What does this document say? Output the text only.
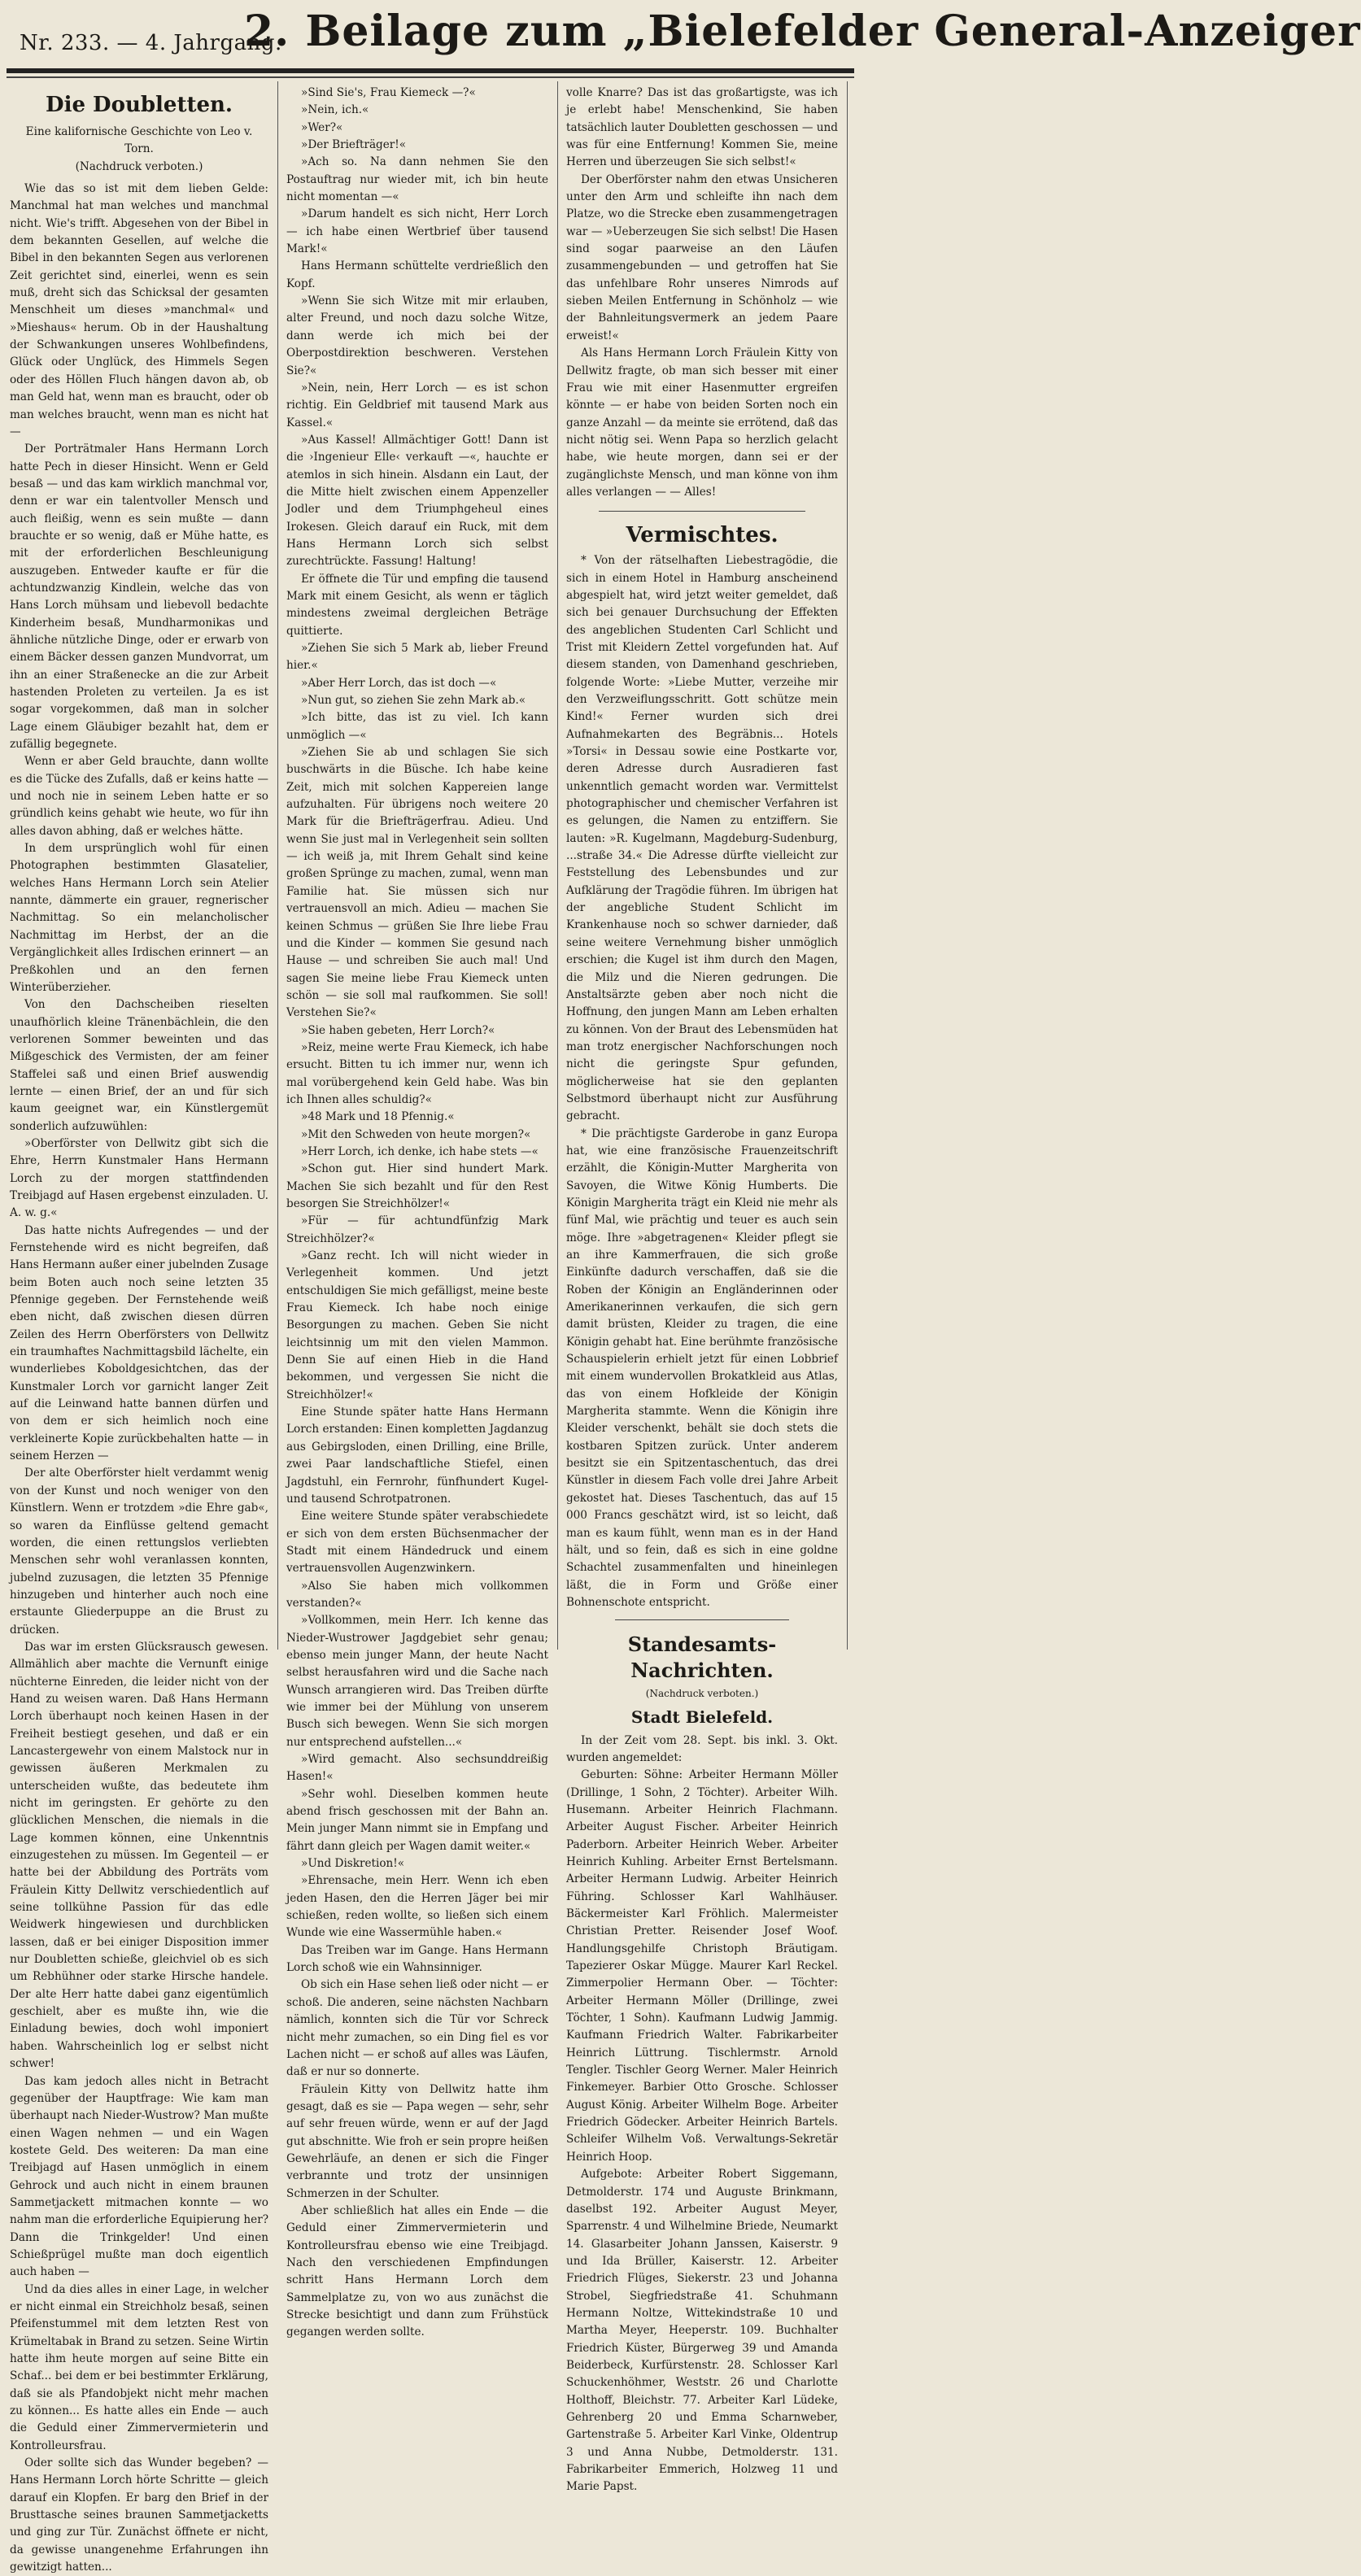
Nr. 233. — 4. Jahrgang.
2. Beilage zum „Bielefelder General-Anzeiger
Die Doubletten.
Eine kalifornische Geschichte von Leo v. Torn.
(Nachdruck verboten.)

Wie das so ist mit dem lieben Gelde: Manchmal hat man welches und manchmal nicht. Wie's trifft. Abgesehen von der Bibel in dem bekannten Gesellen, auf welche die Bibel in den bekannten Segen aus verlorenen Zeit gerichtet sind, einerlei, wenn es sein muß, dreht sich das Schicksal der gesamten Menschheit um dieses »manchmal« und »Mieshaus« herum. Ob in der Haushaltung der Schwankungen unseres Wohlbefindens, Glück oder Unglück, des Himmels Segen oder des Höllen Fluch hängen davon ab, ob man Geld hat, wenn man es braucht, oder ob man welches braucht, wenn man es nicht hat —

Der Porträtmaler Hans Hermann Lorch hatte Pech in dieser Hinsicht. Wenn er Geld besaß — und das kam wirklich manchmal vor, denn er war ein talentvoller Mensch und auch fleißig, wenn es sein mußte — dann brauchte er so wenig, daß er Mühe hatte, es mit der erforderlichen Beschleunigung auszugeben. Entweder kaufte er für die achtundzwanzig Kindlein, welche das von Hans Lorch mühsam und liebevoll bedachte Kinderheim besaß, Mundharmonikas und ähnliche nützliche Dinge, oder er erwarb von einem Bäcker dessen ganzen Mundvorrat, um ihn an einer Straßenecke an die zur Arbeit hastenden Proleten zu verteilen. Ja es ist sogar vorgekommen, daß man in solcher Lage einem Gläubiger bezahlt hat, dem er zufällig begegnete.

Wenn er aber Geld brauchte, dann wollte es die Tücke des Zufalls, daß er keins hatte — und noch nie in seinem Leben hatte er so gründlich keins gehabt wie heute, wo für ihn alles davon abhing, daß er welches hätte.

In dem ursprünglich wohl für einen Photographen bestimmten Glasatelier, welches Hans Hermann Lorch sein Atelier nannte, dämmerte ein grauer, regnerischer Nachmittag. So ein melancholischer Nachmittag im Herbst, der an die Vergänglichkeit alles Irdischen erinnert — an Preßkohlen und an den fernen Winterüberzieher.

Von den Dachscheiben rieselten unaufhörlich kleine Tränenbächlein, die den verlorenen Sommer beweinten und das Mißgeschick des Vermisten, der am feiner Staffelei saß und einen Brief auswendig lernte — einen Brief, der an und für sich kaum geeignet war, ein Künstlergemüt sonderlich aufzuwühlen:

»Oberförster von Dellwitz gibt sich die Ehre, Herrn Kunstmaler Hans Hermann Lorch zu der morgen stattfindenden Treibjagd auf Hasen ergebenst einzuladen. U. A. w. g.«

Das hatte nichts Aufregendes — und der Fernstehende wird es nicht begreifen, daß Hans Hermann außer einer jubelnden Zusage beim Boten auch noch seine letzten 35 Pfennige gegeben. Der Fernstehende weiß eben nicht, daß zwischen diesen dürren Zeilen des Herrn Oberförsters von Dellwitz ein traumhaftes Nachmittagsbild lächelte, ein wunderliebes Koboldgesichtchen, das der Kunstmaler Lorch vor garnicht langer Zeit auf die Leinwand hatte bannen dürfen und von dem er sich heimlich noch eine verkleinerte Kopie zurückbehalten hatte — in seinem Herzen —

Der alte Oberförster hielt verdammt wenig von der Kunst und noch weniger von den Künstlern. Wenn er trotzdem »die Ehre gab«, so waren da Einflüsse geltend gemacht worden, die einen rettungslos verliebten Menschen sehr wohl veranlassen konnten, jubelnd zuzusagen, die letzten 35 Pfennige hinzugeben und hinterher auch noch eine erstaunte Gliederpuppe an die Brust zu drücken.

Das war im ersten Glücksrausch gewesen. Allmählich aber machte die Vernunft einige nüchterne Einreden, die leider nicht von der Hand zu weisen waren. Daß Hans Hermann Lorch überhaupt noch keinen Hasen in der Freiheit bestiegt gesehen, und daß er ein Lancastergewehr von einem Malstock nur in gewissen äußeren Merkmalen zu unterscheiden wußte, das bedeutete ihm nicht im geringsten. Er gehörte zu den glücklichen Menschen, die niemals in die Lage kommen können, eine Unkenntnis einzugestehen zu müssen. Im Gegenteil — er hatte bei der Abbildung des Porträts vom Fräulein Kitty Dellwitz verschiedentlich auf seine tollkühne Passion für das edle Weidwerk hingewiesen und durchblicken lassen, daß er bei einiger Disposition immer nur Doubletten schieße, gleichviel ob es sich um Rebhühner oder starke Hirsche handele. Der alte Herr hatte dabei ganz eigentümlich geschielt, aber es mußte ihn, wie die Einladung bewies, doch wohl imponiert haben. Wahrscheinlich log er selbst nicht schwer!

Das kam jedoch alles nicht in Betracht gegenüber der Hauptfrage: Wie kam man überhaupt nach Nieder-Wustrow? Man mußte einen Wagen nehmen — und ein Wagen kostete Geld. Des weiteren: Da man eine Treibjagd auf Hasen unmöglich in einem Gehrock und auch nicht in einem braunen Sammetjackett mitmachen konnte — wo nahm man die erforderliche Equipierung her? Dann die Trinkgelder! Und einen Schießprügel mußte man doch eigentlich auch haben —

Und da dies alles in einer Lage, in welcher er nicht einmal ein Streichholz besaß, seinen Pfeifenstummel mit dem letzten Rest von Krümeltabak in Brand zu setzen. Seine Wirtin hatte ihm heute morgen auf seine Bitte ein Schaf... bei dem er bei bestimmter Erklärung, daß sie als Pfandobjekt nicht mehr machen zu können... Es hatte alles ein Ende — auch die Geduld einer Zimmervermieterin und Kontrolleursfrau.

Oder sollte sich das Wunder begeben? — Hans Hermann Lorch hörte Schritte — gleich darauf ein Klopfen. Er barg den Brief in der Brusttasche seines braunen Sammetjacketts und ging zur Tür. Zunächst öffnete er nicht, da gewisse unangenehme Erfahrungen ihn gewitzigt hatten...

»Sind Sie's, Frau Kiemeck —?«

»Nein, ich.«

»Wer?«

»Der Briefträger!«

»Ach so. Na dann nehmen Sie den Postauftrag nur wieder mit, ich bin heute nicht momentan —«

»Darum handelt es sich nicht, Herr Lorch — ich habe einen Wertbrief über tausend Mark!«

Hans Hermann schüttelte verdrießlich den Kopf.

»Wenn Sie sich Witze mit mir erlauben, alter Freund, und noch dazu solche Witze, dann werde ich mich bei der Oberpostdirektion beschweren. Verstehen Sie?«

»Nein, nein, Herr Lorch — es ist schon richtig. Ein Geldbrief mit tausend Mark aus Kassel.«

»Aus Kassel! Allmächtiger Gott! Dann ist die ›Ingenieur Elle‹ verkauft —«, hauchte er atemlos in sich hinein. Alsdann ein Laut, der die Mitte hielt zwischen einem Appenzeller Jodler und dem Triumphgeheul eines Irokesen. Gleich darauf ein Ruck, mit dem Hans Hermann Lorch sich selbst zurechtrückte. Fassung! Haltung!

Er öffnete die Tür und empfing die tausend Mark mit einem Gesicht, als wenn er täglich mindestens zweimal dergleichen Beträge quittierte.

»Ziehen Sie sich 5 Mark ab, lieber Freund hier.«

»Aber Herr Lorch, das ist doch —«

»Nun gut, so ziehen Sie zehn Mark ab.«

»Ich bitte, das ist zu viel. Ich kann unmöglich —«

»Ziehen Sie ab und schlagen Sie sich buschwärts in die Büsche. Ich habe keine Zeit, mich mit solchen Kappereien lange aufzuhalten. Für übrigens noch weitere 20 Mark für die Briefträgerfrau. Adieu. Und wenn Sie just mal in Verlegenheit sein sollten — ich weiß ja, mit Ihrem Gehalt sind keine großen Sprünge zu machen, zumal, wenn man Familie hat. Sie müssen sich nur vertrauensvoll an mich. Adieu — machen Sie keinen Schmus — grüßen Sie Ihre liebe Frau und die Kinder — kommen Sie gesund nach Hause — und schreiben Sie auch mal! Und sagen Sie meine liebe Frau Kiemeck unten schön — sie soll mal raufkommen. Sie soll! Verstehen Sie?«

»Sie haben gebeten, Herr Lorch?«

»Reiz, meine werte Frau Kiemeck, ich habe ersucht. Bitten tu ich immer nur, wenn ich mal vorübergehend kein Geld habe. Was bin ich Ihnen alles schuldig?«

»48 Mark und 18 Pfennig.«

»Mit den Schweden von heute morgen?«

»Herr Lorch, ich denke, ich habe stets —«

»Schon gut. Hier sind hundert Mark. Machen Sie sich bezahlt und für den Rest besorgen Sie Streichhölzer!«

»Für — für achtundfünfzig Mark Streichhölzer?«

»Ganz recht. Ich will nicht wieder in Verlegenheit kommen. Und jetzt entschuldigen Sie mich gefälligst, meine beste Frau Kiemeck. Ich habe noch einige Besorgungen zu machen. Geben Sie nicht leichtsinnig um mit den vielen Mammon. Denn Sie auf einen Hieb in die Hand bekommen, und vergessen Sie nicht die Streichhölzer!«

Eine Stunde später hatte Hans Hermann Lorch erstanden: Einen kompletten Jagdanzug aus Gebirgsloden, einen Drilling, eine Brille, zwei Paar landschaftliche Stiefel, einen Jagdstuhl, ein Fernrohr, fünfhundert Kugel- und tausend Schrotpatronen.

Eine weitere Stunde später verabschiedete er sich von dem ersten Büchsenmacher der Stadt mit einem Händedruck und einem vertrauensvollen Augenzwinkern.

»Also Sie haben mich vollkommen verstanden?«

»Vollkommen, mein Herr. Ich kenne das Nieder-Wustrower Jagdgebiet sehr genau; ebenso mein junger Mann, der heute Nacht selbst herausfahren wird und die Sache nach Wunsch arrangieren wird. Das Treiben dürfte wie immer bei der Mühlung von unserem Busch sich bewegen. Wenn Sie sich morgen nur entsprechend aufstellen...«

»Wird gemacht. Also sechsunddreißig Hasen!«

»Sehr wohl. Dieselben kommen heute abend frisch geschossen mit der Bahn an. Mein junger Mann nimmt sie in Empfang und fährt dann gleich per Wagen damit weiter.«

»Und Diskretion!«

»Ehrensache, mein Herr. Wenn ich eben jeden Hasen, den die Herren Jäger bei mir schießen, reden wollte, so ließen sich einem Wunde wie eine Wassermühle haben.«

Das Treiben war im Gange. Hans Hermann Lorch schoß wie ein Wahnsinniger.

Ob sich ein Hase sehen ließ oder nicht — er schoß. Die anderen, seine nächsten Nachbarn nämlich, konnten sich die Tür vor Schreck nicht mehr zumachen, so ein Ding fiel es vor Lachen nicht — er schoß auf alles was Läufen, daß er nur so donnerte.

Fräulein Kitty von Dellwitz hatte ihm gesagt, daß es sie — Papa wegen — sehr, sehr auf sehr freuen würde, wenn er auf der Jagd gut abschnitte. Wie froh er sein propre heißen Gewehrläufe, an denen er sich die Finger verbrannte und trotz der unsinnigen Schmerzen in der Schulter.

Aber schließlich hat alles ein Ende — die Geduld einer Zimmervermieterin und Kontrolleursfrau ebenso wie eine Treibjagd. Nach den verschiedenen Empfindungen schritt Hans Hermann Lorch dem Sammelplatze zu, von wo aus zunächst die Strecke besichtigt und dann zum Frühstück gegangen werden sollte.

volle Knarre? Das ist das großartigste, was ich je erlebt habe! Menschenkind, Sie haben tatsächlich lauter Doubletten geschossen — und was für eine Entfernung! Kommen Sie, meine Herren und überzeugen Sie sich selbst!«

Der Oberförster nahm den etwas Unsicheren unter den Arm und schleifte ihn nach dem Platze, wo die Strecke eben zusammengetragen war — »Ueberzeugen Sie sich selbst! Die Hasen sind sogar paarweise an den Läufen zusammengebunden — und getroffen hat Sie das unfehlbare Rohr unseres Nimrods auf sieben Meilen Entfernung in Schönholz — wie der Bahnleitungsvermerk an jedem Paare erweist!«

Als Hans Hermann Lorch Fräulein Kitty von Dellwitz fragte, ob man sich besser mit einer Frau wie mit einer Hasenmutter ergreifen könnte — er habe von beiden Sorten noch ein ganze Anzahl — da meinte sie errötend, daß das nicht nötig sei. Wenn Papa so herzlich gelacht habe, wie heute morgen, dann sei er der zugänglichste Mensch, und man könne von ihm alles verlangen — — Alles!

Vermischtes.

* Von der rätselhaften Liebestragödie, die sich in einem Hotel in Hamburg anscheinend abgespielt hat, wird jetzt weiter gemeldet, daß sich bei genauer Durchsuchung der Effekten des angeblichen Studenten Carl Schlicht und Trist mit Kleidern Zettel vorgefunden hat. Auf diesem standen, von Damenhand geschrieben, folgende Worte: »Liebe Mutter, verzeihe mir den Verzweiflungsschritt. Gott schütze mein Kind!« Ferner wurden sich drei Aufnahmekarten des Begräbnis... Hotels »Torsi« in Dessau sowie eine Postkarte vor, deren Adresse durch Ausradieren fast unkenntlich gemacht worden war. Vermittelst photographischer und chemischer Verfahren ist es gelungen, die Namen zu entziffern. Sie lauten: »R. Kugelmann, Magdeburg-Sudenburg, ...straße 34.« Die Adresse dürfte vielleicht zur Feststellung des Lebensbundes und zur Aufklärung der Tragödie führen. Im übrigen hat der angebliche Student Schlicht im Krankenhause noch so schwer darnieder, daß seine weitere Vernehmung bisher unmöglich erschien; die Kugel ist ihm durch den Magen, die Milz und die Nieren gedrungen. Die Anstaltsärzte geben aber noch nicht die Hoffnung, den jungen Mann am Leben erhalten zu können. Von der Braut des Lebensmüden hat man trotz energischer Nachforschungen noch nicht die geringste Spur gefunden, möglicherweise hat sie den geplanten Selbstmord überhaupt nicht zur Ausführung gebracht.

* Die prächtigste Garderobe in ganz Europa hat, wie eine französische Frauenzeitschrift erzählt, die Königin-Mutter Margherita von Savoyen, die Witwe König Humberts. Die Königin Margherita trägt ein Kleid nie mehr als fünf Mal, wie prächtig und teuer es auch sein möge. Ihre »abgetragenen« Kleider pflegt sie an ihre Kammerfrauen, die sich große Einkünfte dadurch verschaffen, daß sie die Roben der Königin an Engländerinnen oder Amerikanerinnen verkaufen, die sich gern damit brüsten, Kleider zu tragen, die eine Königin gehabt hat. Eine berühmte französische Schauspielerin erhielt jetzt für einen Lobbrief mit einem wundervollen Brokatkleid aus Atlas, das von einem Hofkleide der Königin Margherita stammte. Wenn die Königin ihre Kleider verschenkt, behält sie doch stets die kostbaren Spitzen zurück. Unter anderem besitzt sie ein Spitzentaschentuch, das drei Künstler in diesem Fach volle drei Jahre Arbeit gekostet hat. Dieses Taschentuch, das auf 15 000 Francs geschätzt wird, ist so leicht, daß man es kaum fühlt, wenn man es in der Hand hält, und so fein, daß es sich in eine goldne Schachtel zusammenfalten und hineinlegen läßt, die in Form und Größe einer Bohnenschote entspricht.

Standesamts-Nachrichten.
(Nachdruck verboten.)
Stadt Bielefeld.

In der Zeit vom 28. Sept. bis inkl. 3. Okt. wurden angemeldet:

Geburten: Söhne: Arbeiter Hermann Möller (Drillinge, 1 Sohn, 2 Töchter). Arbeiter Wilh. Husemann. Arbeiter Heinrich Flachmann. Arbeiter August Fischer. Arbeiter Heinrich Paderborn. Arbeiter Heinrich Weber. Arbeiter Heinrich Kuhling. Arbeiter Ernst Bertelsmann. Arbeiter Hermann Ludwig. Arbeiter Heinrich Führing. Schlosser Karl Wahlhäuser. Bäckermeister Karl Fröhlich. Malermeister Christian Pretter. Reisender Josef Woof. Handlungsgehilfe Christoph Bräutigam. Tapezierer Oskar Mügge. Maurer Karl Reckel. Zimmerpolier Hermann Ober. — Töchter: Arbeiter Hermann Möller (Drillinge, zwei Töchter, 1 Sohn). Kaufmann Ludwig Jammig. Kaufmann Friedrich Walter. Fabrikarbeiter Heinrich Lüttrung. Tischlermstr. Arnold Tengler. Tischler Georg Werner. Maler Heinrich Finkemeyer. Barbier Otto Grosche. Schlosser August König. Arbeiter Wilhelm Boge. Arbeiter Friedrich Gödecker. Arbeiter Heinrich Bartels. Schleifer Wilhelm Voß. Verwaltungs-Sekretär Heinrich Hoop.

Aufgebote: Arbeiter Robert Siggemann, Detmolderstr. 174 und Auguste Brinkmann, daselbst 192. Arbeiter August Meyer, Sparrenstr. 4 und Wilhelmine Briede, Neumarkt 14. Glasarbeiter Johann Janssen, Kaiserstr. 9 und Ida Brüller, Kaiserstr. 12. Arbeiter Friedrich Flüges, Siekerstr. 23 und Johanna Strobel, Siegfriedstraße 41. Schuhmann Hermann Noltze, Wittekindstraße 10 und Martha Meyer, Heeperstr. 109. Buchhalter Friedrich Küster, Bürgerweg 39 und Amanda Beiderbeck, Kurfürstenstr. 28. Schlosser Karl Schuckenhöhmer, Weststr. 26 und Charlotte Holthoff, Bleichstr. 77. Arbeiter Karl Lüdeke, Gehrenberg 20 und Emma Scharnweber, Gartenstraße 5. Arbeiter Karl Vinke, Oldentrup 3 und Anna Nubbe, Detmolderstr. 131. Fabrikarbeiter Emmerich, Holzweg 11 und Marie Papst.
